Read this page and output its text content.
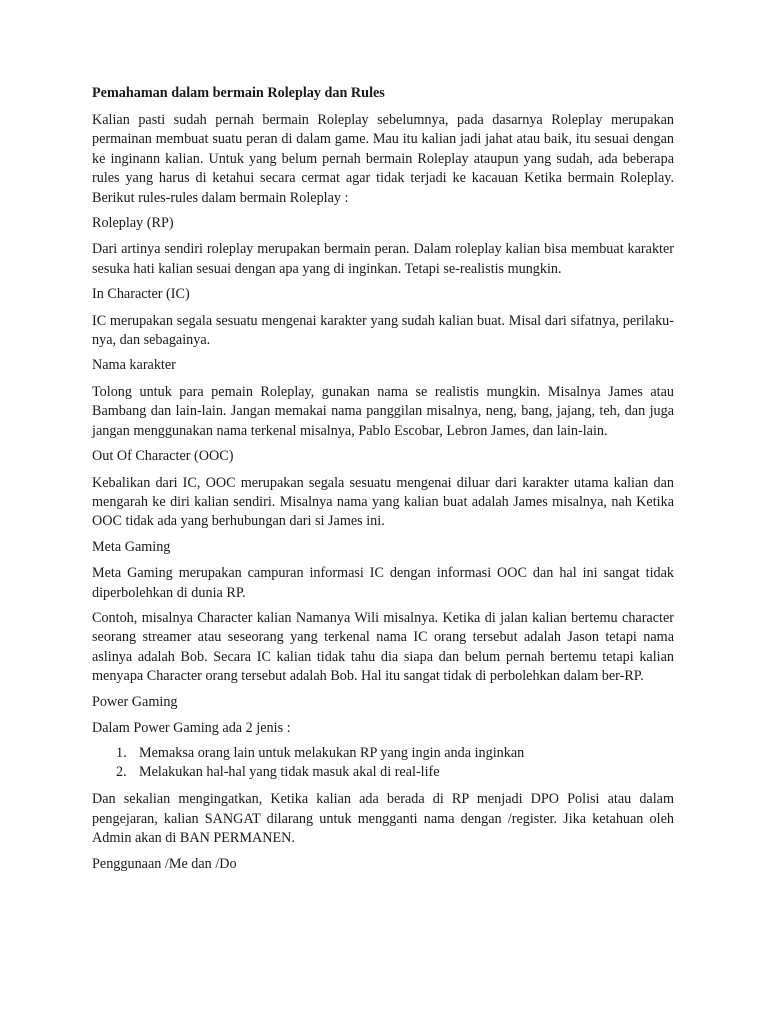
Pemahaman dalam bermain Roleplay dan Rules

Kalian pasti sudah pernah bermain Roleplay sebelumnya, pada dasarnya Roleplay merupakan permainan membuat suatu peran di dalam game. Mau itu kalian jadi jahat atau baik, itu sesuai dengan ke inginann kalian. Untuk yang belum pernah bermain Roleplay ataupun yang sudah, ada beberapa rules yang harus di ketahui secara cermat agar tidak terjadi ke kacauan Ketika bermain Roleplay. Berikut rules-rules dalam bermain Roleplay :

Roleplay (RP)

Dari artinya sendiri roleplay merupakan bermain peran. Dalam roleplay kalian bisa membuat karakter sesuka hati kalian sesuai dengan apa yang di inginkan. Tetapi se-realistis mungkin.

In Character (IC)

IC merupakan segala sesuatu mengenai karakter yang sudah kalian buat. Misal dari sifatnya, perilaku-nya, dan sebagainya.

Nama karakter

Tolong untuk para pemain Roleplay, gunakan nama se realistis mungkin. Misalnya James atau Bambang dan lain-lain. Jangan memakai nama panggilan misalnya, neng, bang, jajang, teh, dan juga jangan menggunakan nama terkenal misalnya, Pablo Escobar, Lebron James, dan lain-lain.

Out Of Character (OOC)

Kebalikan dari IC, OOC merupakan segala sesuatu mengenai diluar dari karakter utama kalian dan mengarah ke diri kalian sendiri. Misalnya nama yang kalian buat adalah James misalnya, nah Ketika OOC tidak ada yang berhubungan dari si James ini.

Meta Gaming

Meta Gaming merupakan campuran informasi IC dengan informasi OOC dan hal ini sangat tidak diperbolehkan di dunia RP.

Contoh, misalnya Character kalian Namanya Wili misalnya. Ketika di jalan kalian bertemu character seorang streamer atau seseorang yang terkenal nama IC orang tersebut adalah Jason tetapi nama aslinya adalah Bob. Secara IC kalian tidak tahu dia siapa dan belum pernah bertemu tetapi kalian menyapa Character orang tersebut adalah Bob. Hal itu sangat tidak di perbolehkan dalam ber-RP.

Power Gaming

Dalam Power Gaming ada 2 jenis :

1. Memaksa orang lain untuk melakukan RP yang ingin anda inginkan
2. Melakukan hal-hal yang tidak masuk akal di real-life

Dan sekalian mengingatkan, Ketika kalian ada berada di RP menjadi DPO Polisi atau dalam pengejaran, kalian SANGAT dilarang untuk mengganti nama dengan /register. Jika ketahuan oleh Admin akan di BAN PERMANEN.

Penggunaan /Me dan /Do
